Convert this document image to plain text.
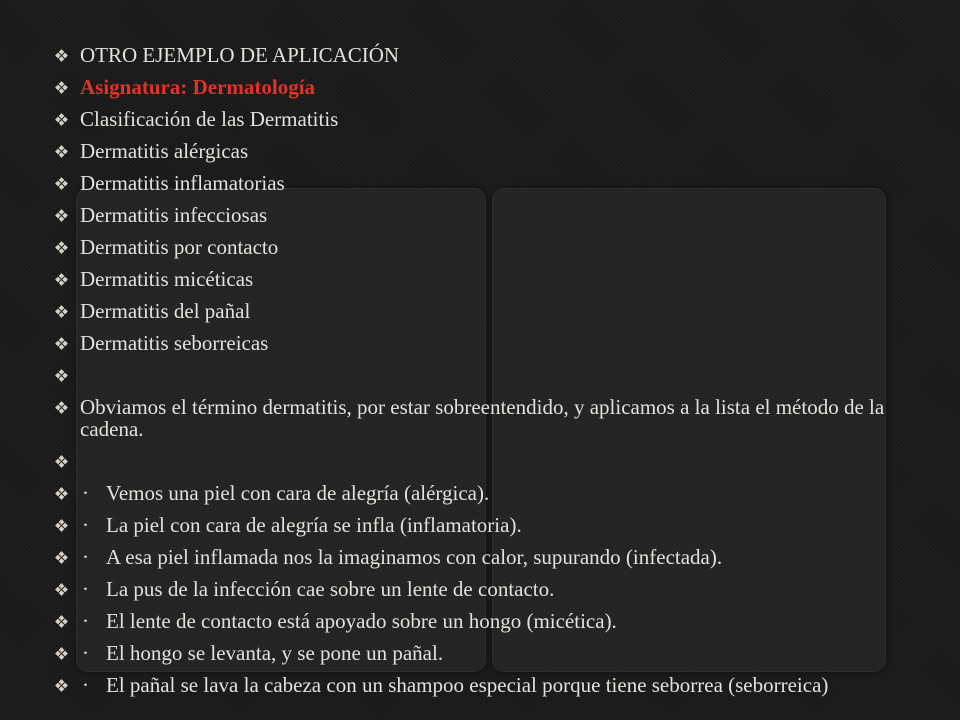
OTRO EJEMPLO DE APLICACIÓN
Asignatura: Dermatología
Clasificación de las Dermatitis
Dermatitis alérgicas
Dermatitis inflamatorias
Dermatitis infecciosas
Dermatitis por contacto
Dermatitis micéticas
Dermatitis del pañal
Dermatitis seborreicas
Obviamos el término dermatitis, por estar sobreentendido, y aplicamos a la lista el método de la cadena.
· Vemos una piel con cara de alegría (alérgica).
· La piel con cara de alegría se infla (inflamatoria).
· A esa piel inflamada nos la imaginamos con calor, supurando (infectada).
· La pus de la infección cae sobre un lente de contacto.
· El lente de contacto está apoyado sobre un hongo (micética).
· El hongo se levanta, y se pone un pañal.
· El pañal se lava la cabeza con un shampoo especial porque tiene seborrea (seborreica)
